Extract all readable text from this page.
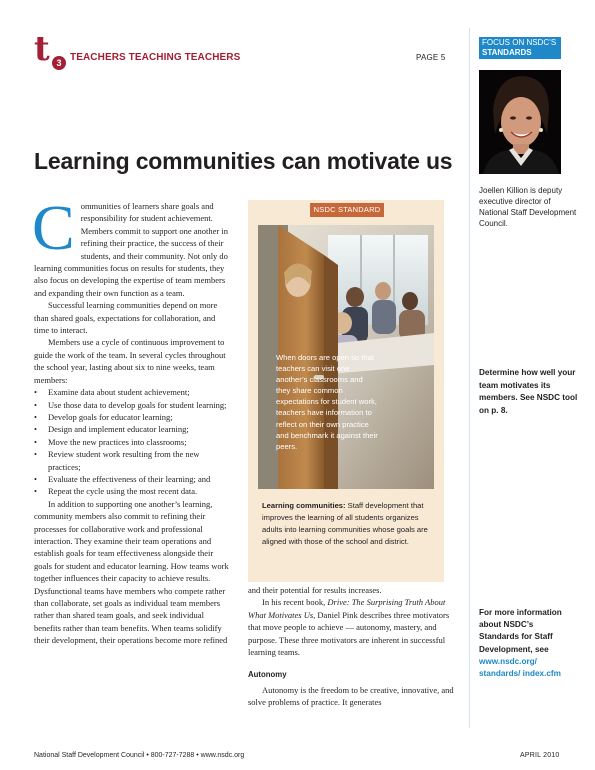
t 3 TEACHERS TEACHING TEACHERS	PAGE 5
Learning communities can motivate us
C ommunities of learners share goals and responsibility for student achievement. Members commit to support one another in refining their practice, the success of their students, and their community. Not only do learning communities focus on results for students, they also focus on developing the expertise of team members and expanding their own function as a team.

Successful learning communities depend on more than shared goals, expectations for collaboration, and time to interact.

Members use a cycle of continuous improvement to guide the work of the team. In several cycles throughout the school year, lasting about six to nine weeks, team members:

• Examine data about student achievement;
• Use those data to develop goals for student learning;
• Develop goals for educator learning;
• Design and implement educator learning;
• Move the new practices into classrooms;
• Review student work resulting from the new practices;
• Evaluate the effectiveness of their learning; and
• Repeat the cycle using the most recent data.

In addition to supporting one another’s learning, community members also commit to refining their processes for collaborative work and professional interaction. They examine their team operations and establish goals for team effectiveness alongside their goals for student and educator learning. How teams work together influences their capacity to achieve results. Dysfunctional teams have members who compete rather than collaborate, set goals as individual team members rather than shared team goals, and seek individual benefits rather than team benefits. When teams solidify their development, their operations become more refined

NSDC STANDARD
When doors are open so that teachers can visit one another’s classrooms and they share common expectations for student work, teachers have information to reflect on their own practice and benchmark it against their peers.
Learning communities: Staff development that improves the learning of all students organizes adults into learning communities whose goals are aligned with those of the school and district.

and their potential for results increases.

In his recent book, Drive: The Surprising Truth About What Motivates Us, Daniel Pink describes three motivators that move people to achieve — autonomy, mastery, and purpose. These three motivators are inherent in successful learning teams.

Autonomy

Autonomy is the freedom to be creative, innovative, and solve problems of practice. It generates

FOCUS ON NSDC’S
STANDARDS
Joellen Killion is deputy executive director of National Staff Development Council.
Determine how well your team motivates its members. See NSDC tool on p. 8.
For more information about NSDC’s Standards for Staff Development, see
www.nsdc.org/ standards/ index.cfm
National Staff Development Council • 800-727-7288 • www.nsdc.org	APRIL 2010
